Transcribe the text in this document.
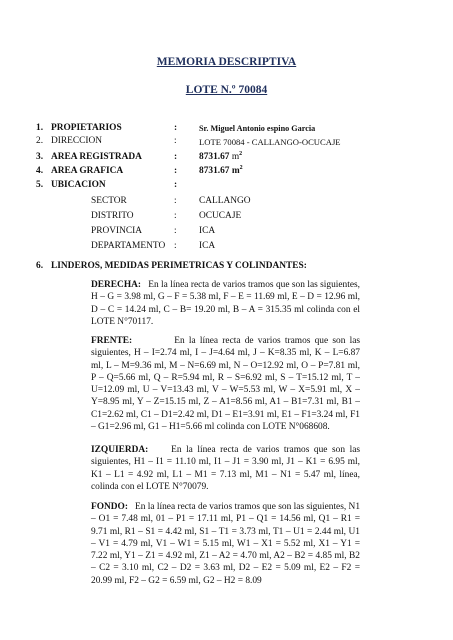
MEMORIA DESCRIPTIVA
LOTE N.º 70084
1. PROPIETARIOS	:	Sr. Miguel Antonio espino Garcia
2. DIRECCION	:	LOTE 70084 - CALLANGO-OCUCAJE
3. AREA REGISTRADA	: 8731.67 $m^2$
4. AREA GRAFICA	: 8731.67 $m^2$
5. UBICACION	:
SECTOR	: CALLANGO
DISTRITO	: OCUCAJE
PROVINCIA	: ICA
DEPARTAMENTO : ICA
6. LINDEROS, MEDIDAS PERIMETRICAS Y COLINDANTES:
DERECHA: En la línea recta de varios tramos que son las siguientes, H – G = 3.98 ml, G – F = 5.38 ml, F – E = 11.69 ml, E – D = 12.96 ml, D – C = 14.24 ml, C – B= 19.20 ml, B – A = 315.35 ml colinda con el LOTE N°70117.
FRENTE:	En la línea recta de varios tramos que son las siguientes, H – I=2.74 ml, I – J=4.64 ml, J – K=8.35 ml, K – L=6.87 ml, L – M=9.36 ml, M – N=6.69 ml, N – O=12.92 ml, O – P=7.81 ml, P – Q=5.66 ml, Q – R=5.94 ml, R – S=6.92 ml, S – T=15.12 ml, T – U=12.09 ml, U – V=13.43 ml, V – W=5.53 ml, W – X=5.91 ml, X – Y=8.95 ml, Y – Z=15.15 ml, Z – A1=8.56 ml, A1 – B1=7.31 ml, B1 – C1=2.62 ml, C1 – D1=2.42 ml, D1 – E1=3.91 ml, E1 – F1=3.24 ml, F1 – G1=2.96 ml, G1 – H1=5.66 ml colinda con LOTE N°068608.
IZQUIERDA: En la línea recta de varios tramos que son las siguientes, H1 – I1 = 11.10 ml, I1 – J1 = 3.90 ml, J1 – K1 = 6.95 ml, K1 – L1 = 4.92 ml, L1 – M1 = 7.13 ml, M1 – N1 = 5.47 ml, línea, colinda con el LOTE N°70079.
FONDO: En la línea recta de varios tramos que son las siguientes, N1 – O1 = 7.48 ml, 01 – P1 = 17.11 ml, P1 – Q1 = 14.56 ml, Q1 – R1 = 9.71 ml, R1 – S1 = 4.42 ml, S1 – T1 = 3.73 ml, T1 – U1 = 2.44 ml, U1 – V1 = 4.79 ml, V1 – W1 = 5.15 ml, W1 – X1 = 5.52 ml, X1 – Y1 = 7.22 ml, Y1 – Z1 = 4.92 ml, Z1 – A2 = 4.70 ml, A2 – B2 = 4.85 ml, B2 – C2 = 3.10 ml, C2 – D2 = 3.63 ml, D2 – E2 = 5.09 ml, E2 – F2 = 20.99 ml, F2 – G2 = 6.59 ml, G2 – H2 = 8.09
